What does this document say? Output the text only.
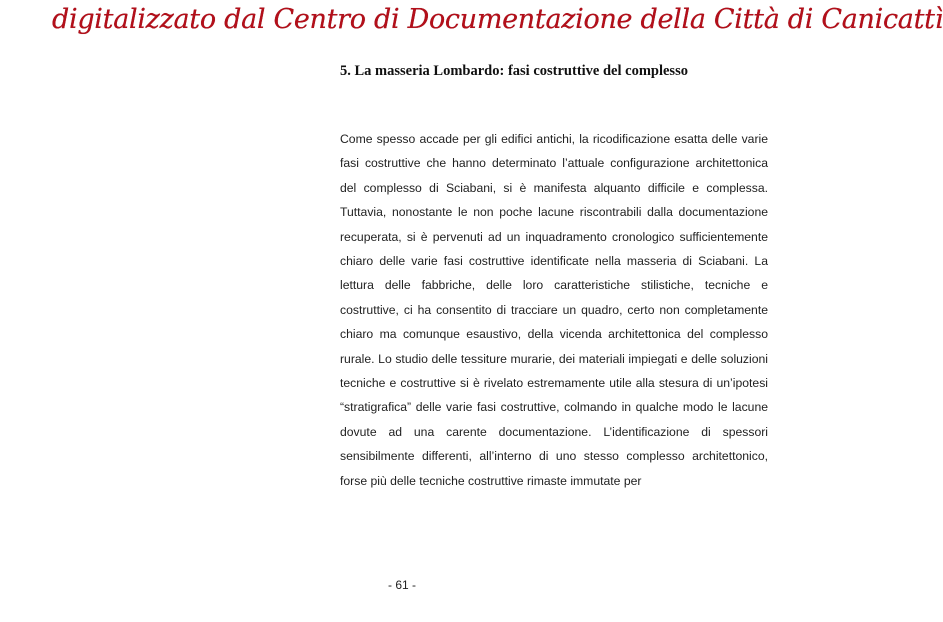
digitalizzato dal Centro di Documentazione della Città di Canicattì
5. La masseria Lombardo: fasi costruttive del complesso

Come spesso accade per gli edifici antichi, la ricodificazione esatta delle varie fasi costruttive che hanno determinato l’attuale configurazione architettonica del complesso di Sciabani, si è manifesta alquanto difficile e complessa. Tuttavia, nonostante le non poche lacune riscontrabili dalla documentazione recuperata, si è pervenuti ad un inquadramento cronologico sufficientemente chiaro delle varie fasi costruttive identificate nella masseria di Sciabani. La lettura delle fabbriche, delle loro caratteristiche stilistiche, tecniche e costruttive, ci ha consentito di tracciare un quadro, certo non completamente chiaro ma comunque esaustivo, della vicenda architettonica del complesso rurale. Lo studio delle tessiture murarie, dei materiali impiegati e delle soluzioni tecniche e costruttive si è rivelato estremamente utile alla stesura di un’ipotesi “stratigrafica” delle varie fasi costruttive, colmando in qualche modo le lacune dovute ad una carente documentazione. L’identificazione di spessori sensibilmente differenti, all’interno di uno stesso complesso architettonico, forse più delle tecniche costruttive rimaste immutate per

- 61 -
